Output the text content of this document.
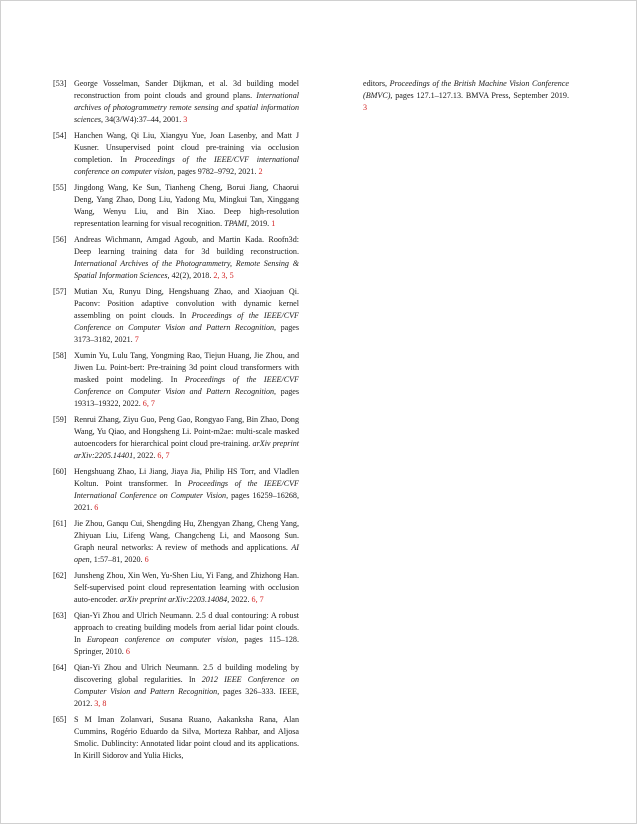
[53] George Vosselman, Sander Dijkman, et al. 3d building model reconstruction from point clouds and ground plans. International archives of photogrammetry remote sensing and spatial information sciences, 34(3/W4):37–44, 2001. 3
[54] Hanchen Wang, Qi Liu, Xiangyu Yue, Joan Lasenby, and Matt J Kusner. Unsupervised point cloud pre-training via occlusion completion. In Proceedings of the IEEE/CVF international conference on computer vision, pages 9782–9792, 2021. 2
[55] Jingdong Wang, Ke Sun, Tianheng Cheng, Borui Jiang, Chaorui Deng, Yang Zhao, Dong Liu, Yadong Mu, Mingkui Tan, Xinggang Wang, Wenyu Liu, and Bin Xiao. Deep high-resolution representation learning for visual recognition. TPAMI, 2019. 1
[56] Andreas Wichmann, Amgad Agoub, and Martin Kada. Roofn3d: Deep learning training data for 3d building reconstruction. International Archives of the Photogrammetry, Remote Sensing & Spatial Information Sciences, 42(2), 2018. 2, 3, 5
[57] Mutian Xu, Runyu Ding, Hengshuang Zhao, and Xiaojuan Qi. Paconv: Position adaptive convolution with dynamic kernel assembling on point clouds. In Proceedings of the IEEE/CVF Conference on Computer Vision and Pattern Recognition, pages 3173–3182, 2021. 7
[58] Xumin Yu, Lulu Tang, Yongming Rao, Tiejun Huang, Jie Zhou, and Jiwen Lu. Point-bert: Pre-training 3d point cloud transformers with masked point modeling. In Proceedings of the IEEE/CVF Conference on Computer Vision and Pattern Recognition, pages 19313–19322, 2022. 6, 7
[59] Renrui Zhang, Ziyu Guo, Peng Gao, Rongyao Fang, Bin Zhao, Dong Wang, Yu Qiao, and Hongsheng Li. Point-m2ae: multi-scale masked autoencoders for hierarchical point cloud pre-training. arXiv preprint arXiv:2205.14401, 2022. 6, 7
[60] Hengshuang Zhao, Li Jiang, Jiaya Jia, Philip HS Torr, and Vladlen Koltun. Point transformer. In Proceedings of the IEEE/CVF International Conference on Computer Vision, pages 16259–16268, 2021. 6
[61] Jie Zhou, Ganqu Cui, Shengding Hu, Zhengyan Zhang, Cheng Yang, Zhiyuan Liu, Lifeng Wang, Changcheng Li, and Maosong Sun. Graph neural networks: A review of methods and applications. AI open, 1:57–81, 2020. 6
[62] Junsheng Zhou, Xin Wen, Yu-Shen Liu, Yi Fang, and Zhizhong Han. Self-supervised point cloud representation learning with occlusion auto-encoder. arXiv preprint arXiv:2203.14084, 2022. 6, 7
[63] Qian-Yi Zhou and Ulrich Neumann. 2.5 d dual contouring: A robust approach to creating building models from aerial lidar point clouds. In European conference on computer vision, pages 115–128. Springer, 2010. 6
[64] Qian-Yi Zhou and Ulrich Neumann. 2.5 d building modeling by discovering global regularities. In 2012 IEEE Conference on Computer Vision and Pattern Recognition, pages 326–333. IEEE, 2012. 3, 8
[65] S M Iman Zolanvari, Susana Ruano, Aakanksha Rana, Alan Cummins, Rogério Eduardo da Silva, Morteza Rahbar, and Aljosa Smolic. Dublincity: Annotated lidar point cloud and its applications. In Kirill Sidorov and Yulia Hicks,
editors, Proceedings of the British Machine Vision Conference (BMVC), pages 127.1–127.13. BMVA Press, September 2019. 3
